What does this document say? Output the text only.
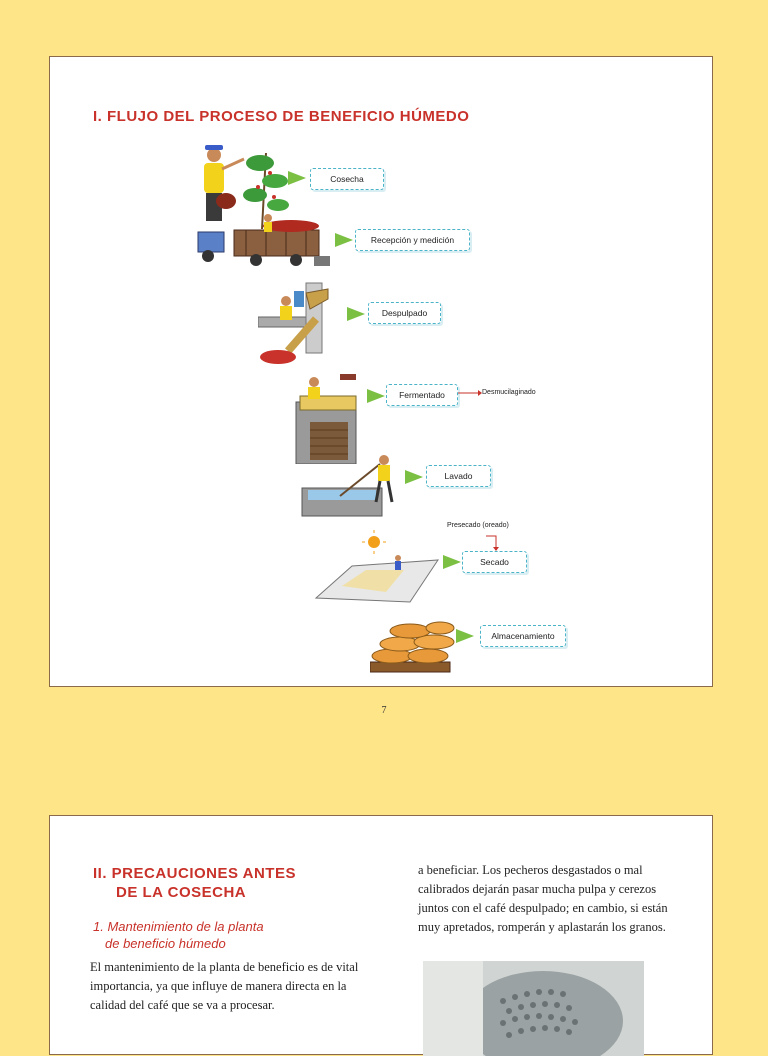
I. FLUJO DEL PROCESO DE BENEFICIO HÚMEDO
Cosecha
Recepción y medición
Despulpado
Fermentado	Desmucilaginado
Lavado
Presecado (oreado)
Secado
Almacenamiento
7
II. PRECAUCIONES ANTES
DE LA COSECHA
1. Mantenimiento de la planta
de beneficio húmedo

El mantenimiento de la planta de beneficio es de vital importancia, ya que influye de manera directa en la calidad del café que se va a procesar.

a beneficiar. Los pecheros desgastados o mal calibrados dejarán pasar mucha pulpa y cerezos juntos con el café despulpado; en cambio, si están muy apretados, romperán y aplastarán los granos.
